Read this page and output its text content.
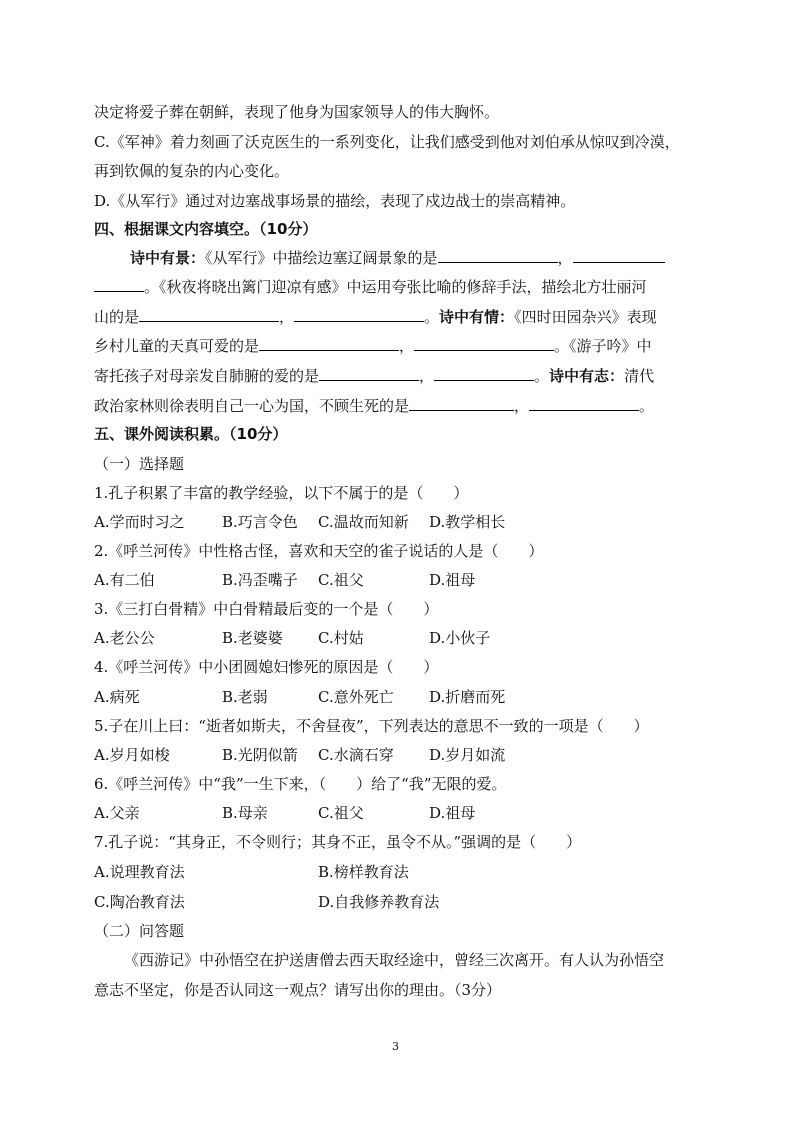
决定将爱子葬在朝鲜，表现了他身为国家领导人的伟大胸怀。
C.《军神》着力刻画了沃克医生的一系列变化，让我们感受到他对刘伯承从惊叹到冷漠，
再到钦佩的复杂的内心变化。
D.《从军行》通过对边塞战事场景的描绘，表现了戍边战士的崇高精神。
四、根据课文内容填空。（10分）
诗中有景：《从军行》中描绘边塞辽阔景象的是	，
。《秋夜将晓出篱门迎凉有感》中运用夸张比喻的修辞手法，描绘北方壮丽河
山的是	，	。诗中有情：《四时田园杂兴》表现
乡村儿童的天真可爱的是	，	。《游子吟》中
寄托孩子对母亲发自肺腑的爱的是	，	。诗中有志：清代
政治家林则徐表明自己一心为国，不顾生死的是	，	。
五、课外阅读积累。（10分）
（一）选择题
1.孔子积累了丰富的教学经验，以下不属于的是（　　）
A.学而时习之 B.巧言令色 C.温故而知新 D.教学相长
2.《呼兰河传》中性格古怪，喜欢和天空的雀子说话的人是（　　）
A.有二伯	B.冯歪嘴子 C.祖父	D.祖母
3.《三打白骨精》中白骨精最后变的一个是（　　）
A.老公公	B.老婆婆 C.村姑	D.小伙子
4.《呼兰河传》中小团圆媳妇惨死的原因是（　　）
A.病死	B.老弱	C.意外死亡 D.折磨而死
5.子在川上曰：“逝者如斯夫，不舍昼夜”，下列表达的意思不一致的一项是（　　）
A.岁月如梭	B.光阴似箭 C.水滴石穿 D.岁月如流
6.《呼兰河传》中“我”一生下来，（　　）给了“我”无限的爱。
A.父亲	B.母亲	C.祖父	D.祖母
7.孔子说：“其身正，不令则行；其身不正，虽令不从。”强调的是（　　）
A.说理教育法	B.榜样教育法
C.陶冶教育法	D.自我修养教育法
（二）问答题
《西游记》中孙悟空在护送唐僧去西天取经途中，曾经三次离开。有人认为孙悟空
意志不坚定，你是否认同这一观点？请写出你的理由。（3分）
3
